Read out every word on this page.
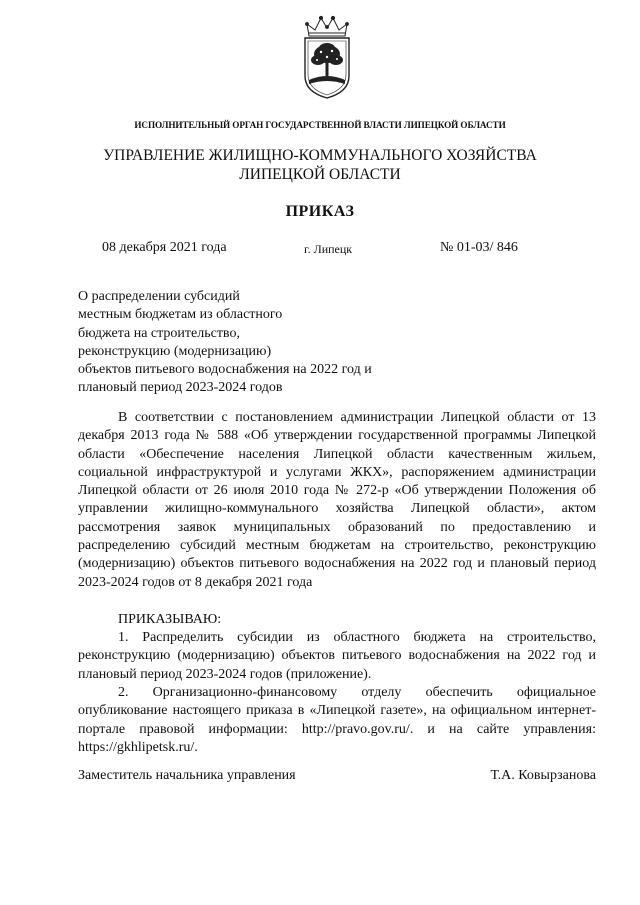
ИСПОЛНИТЕЛЬНЫЙ ОРГАН ГОСУДАРСТВЕННОЙ ВЛАСТИ ЛИПЕЦКОЙ ОБЛАСТИ
УПРАВЛЕНИЕ ЖИЛИЩНО-КОММУНАЛЬНОГО ХОЗЯЙСТВА
ЛИПЕЦКОЙ ОБЛАСТИ
ПРИКАЗ
08 декабря 2021 года	г. Липецк	№ 01-03/ 846
О распределении субсидий
местным бюджетам из областного
бюджета на строительство,
реконструкцию (модернизацию)
объектов питьевого водоснабжения на 2022 год и
плановый период 2023-2024 годов

В соответствии с постановлением администрации Липецкой области от 13 декабря 2013 года № 588 «Об утверждении государственной программы Липецкой области «Обеспечение населения Липецкой области качественным жильем, социальной инфраструктурой и услугами ЖКХ», распоряжением администрации Липецкой области от 26 июля 2010 года № 272-р «Об утверждении Положения об управлении жилищно-коммунального хозяйства Липецкой области», актом рассмотрения заявок муниципальных образований по предоставлению и распределению субсидий местным бюджетам на строительство, реконструкцию (модернизацию) объектов питьевого водоснабжения на 2022 год и плановый период 2023-2024 годов от 8 декабря 2021 года

ПРИКАЗЫВАЮ:

1. Распределить субсидии из областного бюджета на строительство, реконструкцию (модернизацию) объектов питьевого водоснабжения на 2022 год и плановый период 2023-2024 годов (приложение).

2. Организационно-финансовому отделу обеспечить официальное опубликование настоящего приказа в «Липецкой газете», на официальном интернет-портале правовой информации: http://pravo.gov.ru/. и на сайте управления: https://gkhlipetsk.ru/.

Заместитель начальника управления	Т.А. Ковырзанова
